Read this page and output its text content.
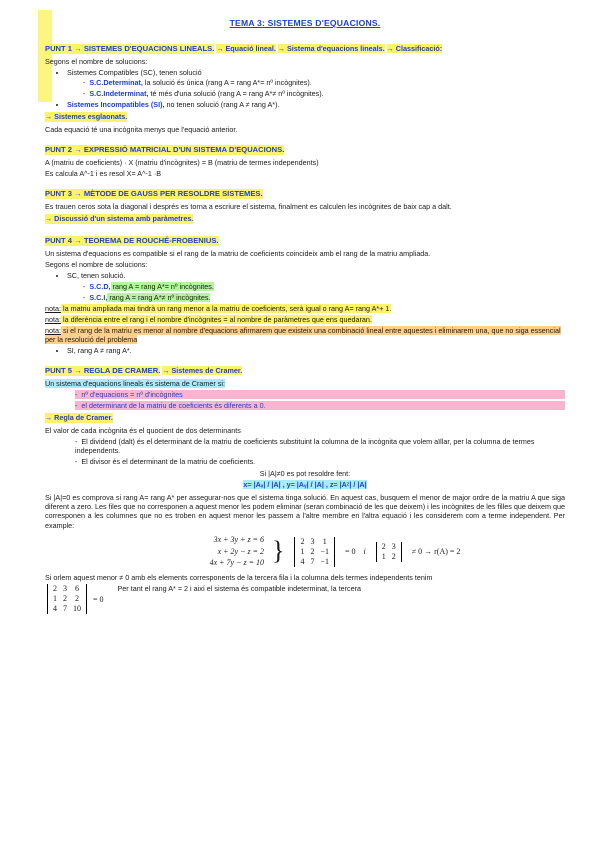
TEMA 3: SISTEMES D'EQUACIONS.
PUNT 1 → SISTEMES D'EQUACIONS LINEALS. → Equació lineal. → Sistema d'equacions lineals. → Classificació:
Segons el nombre de solucions:
• Sistemes Compatibles (SC), tenen solució
- S.C.Determinat, la solució és única (rang A = rang A*= nº incògnites).
- S.C.Indeterminat, té més d'una solució (rang A = rang A*≠ nº incògnites).
• Sistemes Incompatibles (SI), no tenen solució (rang A ≠ rang A*).
→ Sistemes esglaonats.
Cada equació té una incògnita menys que l'equació anterior.
PUNT 2 → EXPRESSIÓ MATRICIAL D'UN SISTEMA D'EQUACIONS.
A (matriu de coeficients) · X (matriu d'incògnites) = B (matriu de termes independents)
Es calcula A^-1 i es resol X= A^-1 ·B
PUNT 3 → MÈTODE DE GAUSS PER RESOLDRE SISTEMES.
Es trauen ceros sota la diagonal i després es torna a escriure el sistema, finalment es calculen les incògnites de baix cap a dalt.
→ Discussió d'un sistema amb paràmetres.
PUNT 4 → TEOREMA DE ROUCHÉ-FROBENIUS.
Un sistema d'equacions es compatible si el rang de la matriu de coeficients coincideix amb el rang de la matriu ampliada.
Segons el nombre de solucions:
• SC, tenen solució.
- S.C.D, rang A = rang A*= nº incògnites.
- S.C.I, rang A = rang A*≠ nº incògnites.
nota: la matriu ampliada mai tindrà un rang menor a la matriu de coeficients, serà igual o rang A= rang A*+ 1.
nota: la diferència entre el rang i el nombre d'incògnites = al nombre de paràmetres que ens quedaran.
nota: si el rang de la matriu es menor al nombre d'equacions afirmarem que existeix una combinació lineal entre aquestes i eliminarem una, que no siga essencial per la resolució del problema
• SI, rang A ≠ rang A*.
PUNT 5 → REGLA DE CRAMER. → Sistemes de Cramer.
Un sistema d'equacions lineals és sistema de Cramer si:
- nº d'equacions = nº d'incògnites
- el determinant de la matriu de coeficients és diferents a 0.
→ Regla de Cramer.
El valor de cada incògnita és el quocient de dos determinants
- El dividend (dalt) és el determinant de la matriu de coeficients substituint la columna de la incògnita que volem aïllar, per la columna de termes independents.
- El divisor és el determinant de la matriu de coeficients.
Si |A|≠0 es pot resoldre fent:
x= |Aₓ| / |A| , y= |Aᵧ| / |A| , z= |Aᶻ| / |A|
Si |A|=0 es comprova si rang A= rang A* per assegurar-nos que el sistema tinga solució. En aquest cas, busquem el menor de major ordre de la matriu A que siga diferent a zero. Les files que no corresponen a aquest menor les podem eliminar (seran combinació de les que deixem) i les incògnites de les filles que deixem que corresponen a les columnes que no es troben en aquest menor les passem a l'altre membre en l'altra equació i les considerem com a terme independent. Per example:
3x + 3y + z = 6
x + 2y − z = 2
4x + 7y − z = 10 } 2	3	1
1	2	−1
4	7	−1
= 0 i
2	3
1	2 ≠ 0 → r(A) = 2
Si orlem aquest menor ≠ 0 amb els elements corresponents de la tercera fila i la columna dels termes independents tenim
2	3	6
1	2	2
4	7	10
= 0
Per tant el rang A* = 2 i així el sistema és compatible indeterminat, la tercera
